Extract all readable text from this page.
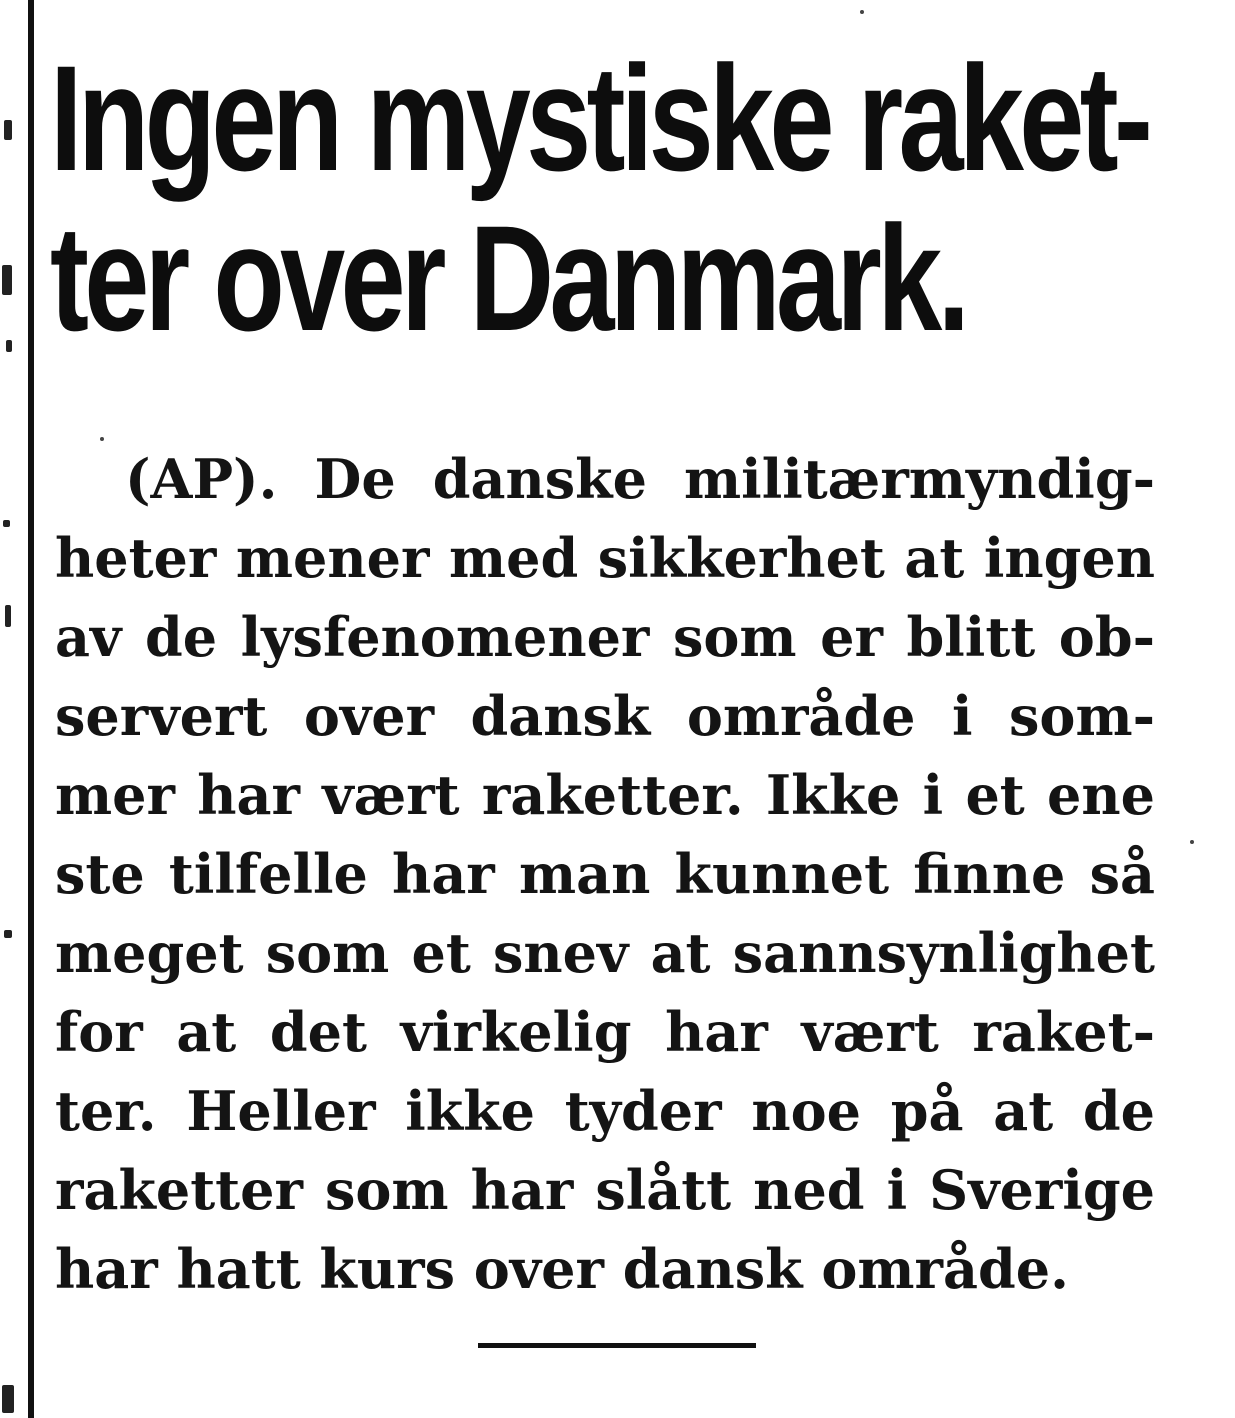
Ingen mystiske raket-
ter over Danmark.

(AP). De danske militærmyndig-
heter mener med sikkerhet at ingen
av de lysfenomener som er blitt ob-
servert over dansk område i som-
mer har vært raketter. Ikke i et ene
ste tilfelle har man kunnet finne så
meget som et snev at sannsynlighet
for at det virkelig har vært raket-
ter. Heller ikke tyder noe på at de
raketter som har slått ned i Sverige
har hatt kurs over dansk område.
